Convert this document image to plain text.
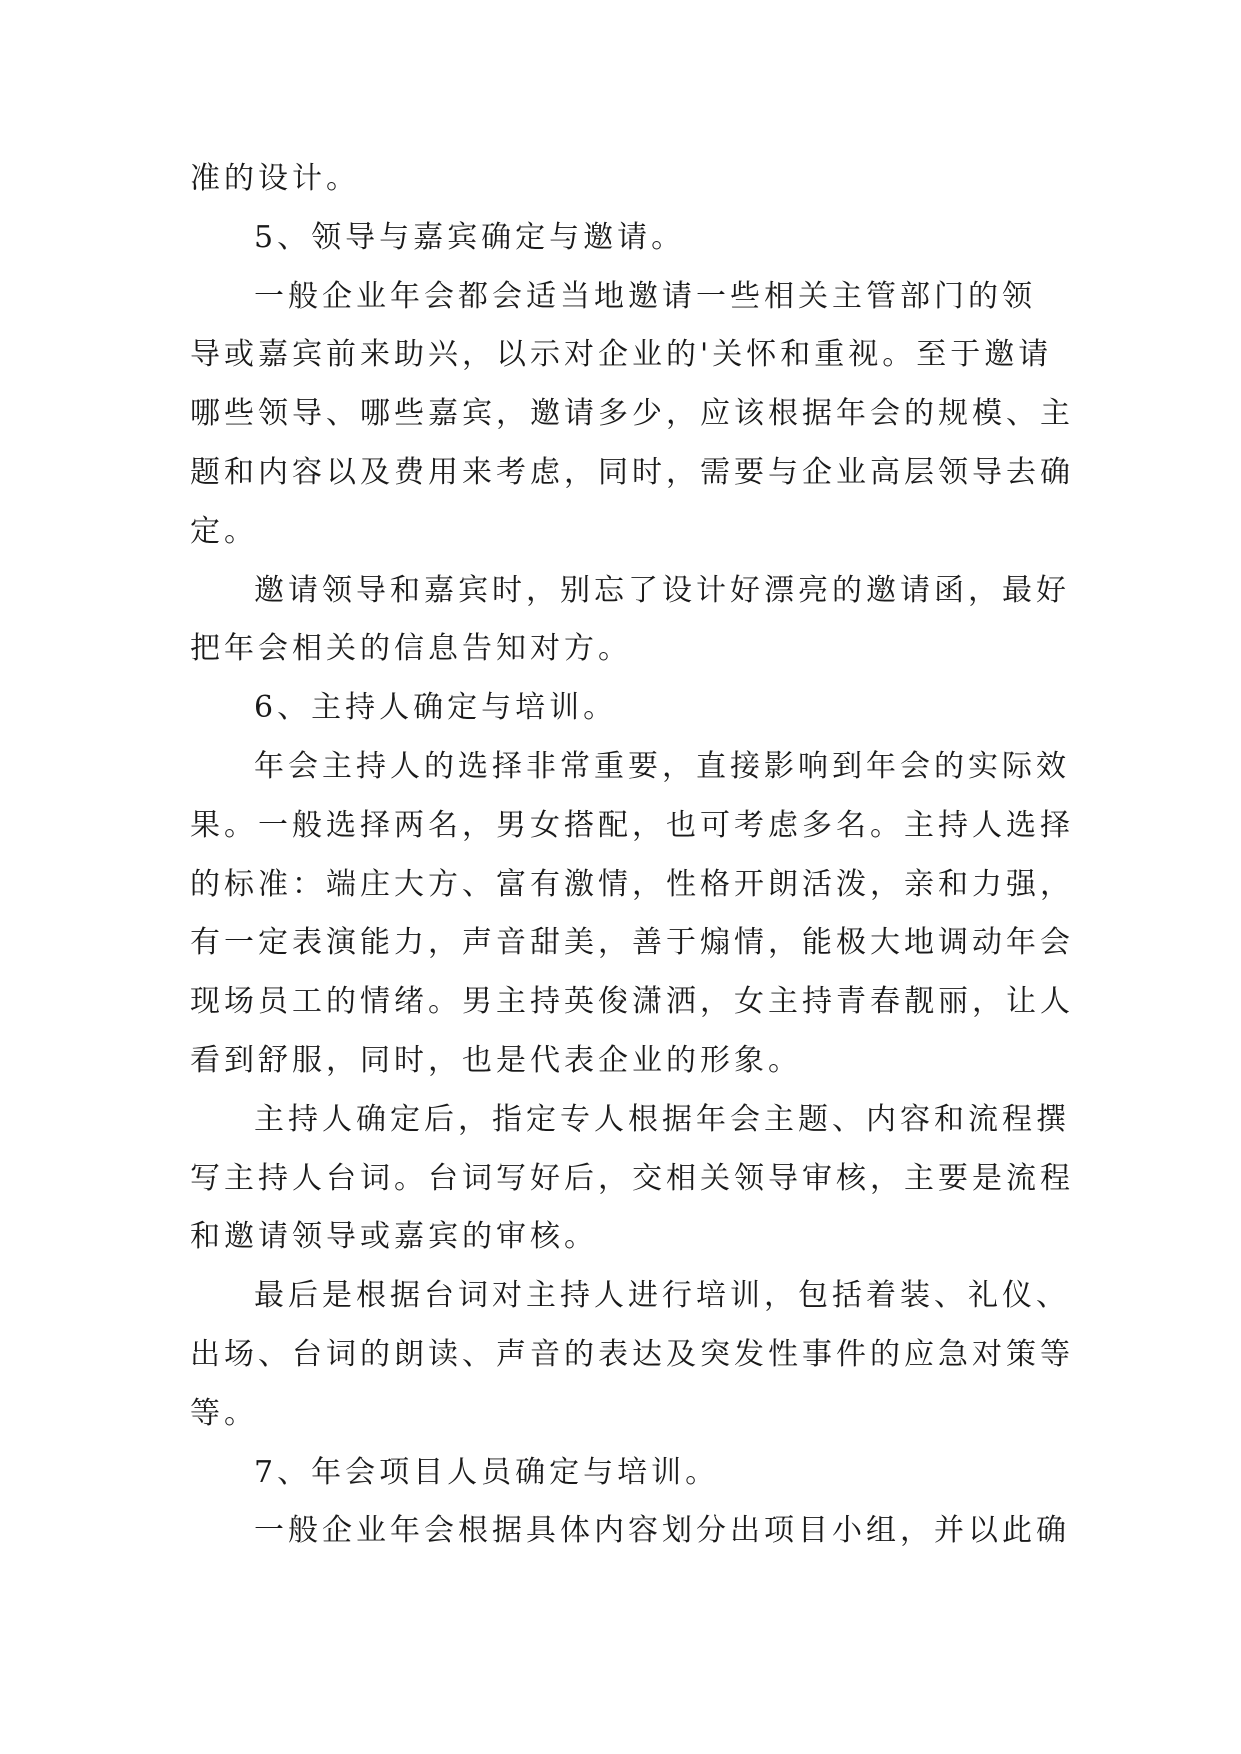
准的设计。
5、领导与嘉宾确定与邀请。
一般企业年会都会适当地邀请一些相关主管部门的领
导或嘉宾前来助兴，以示对企业的'关怀和重视。至于邀请
哪些领导、哪些嘉宾，邀请多少，应该根据年会的规模、主
题和内容以及费用来考虑，同时，需要与企业高层领导去确
定。
邀请领导和嘉宾时，别忘了设计好漂亮的邀请函，最好
把年会相关的信息告知对方。
6、主持人确定与培训。
年会主持人的选择非常重要，直接影响到年会的实际效
果。一般选择两名，男女搭配，也可考虑多名。主持人选择
的标准：端庄大方、富有激情，性格开朗活泼，亲和力强，
有一定表演能力，声音甜美，善于煽情，能极大地调动年会
现场员工的情绪。男主持英俊潇洒，女主持青春靓丽，让人
看到舒服，同时，也是代表企业的形象。
主持人确定后，指定专人根据年会主题、内容和流程撰
写主持人台词。台词写好后，交相关领导审核，主要是流程
和邀请领导或嘉宾的审核。
最后是根据台词对主持人进行培训，包括着装、礼仪、
出场、台词的朗读、声音的表达及突发性事件的应急对策等
等。
7、年会项目人员确定与培训。
一般企业年会根据具体内容划分出项目小组，并以此确
